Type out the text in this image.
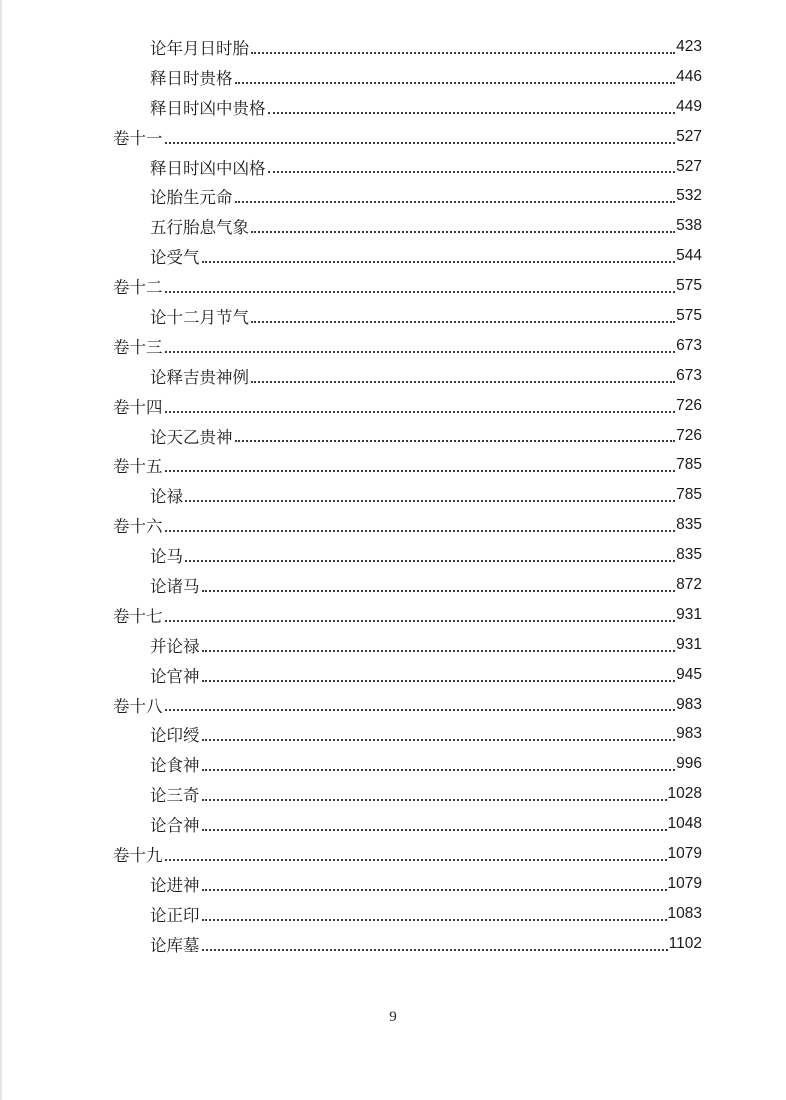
论年月日时胎	423
释日时贵格	446
释日时凶中贵格	449
卷十一	527
释日时凶中凶格	527
论胎生元命	532
五行胎息气象	538
论受气	544
卷十二	575
论十二月节气	575
卷十三	673
论释吉贵神例	673
卷十四	726
论天乙贵神	726
卷十五	785
论禄	785
卷十六	835
论马	835
论诸马	872
卷十七	931
并论禄	931
论官神	945
卷十八	983
论印绶	983
论食神	996
论三奇	1028
论合神	1048
卷十九	1079
论进神	1079
论正印	1083
论库墓	1102
9
